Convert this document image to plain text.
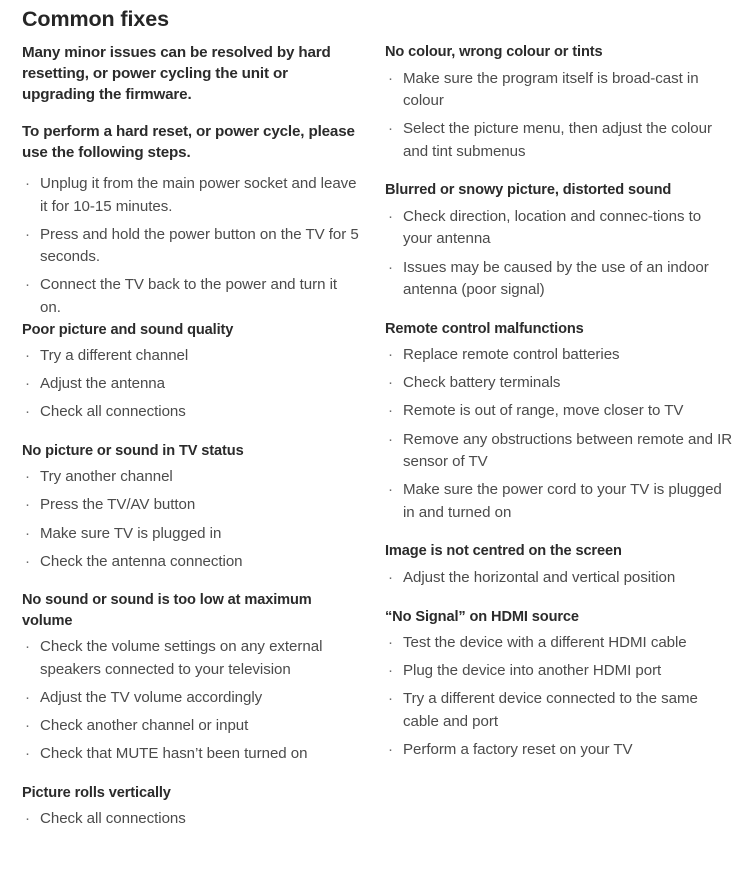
Common fixes

Many minor issues can be resolved by hard resetting, or power cycling the unit or upgrading the firmware.

To perform a hard reset, or power cycle, please use the following steps.

· Unplug it from the main power socket and leave it for 10-15 minutes.
· Press and hold the power button on the TV for 5 seconds.
· Connect the TV back to the power and turn it on.
Poor picture and sound quality
· Try a different channel
· Adjust the antenna
· Check all connections
No picture or sound in TV status
· Try another channel
· Press the TV/AV button
· Make sure TV is plugged in
· Check the antenna connection
No sound or sound is too low at maximum volume
· Check the volume settings on any external speakers connected to your television
· Adjust the TV volume accordingly
· Check another channel or input
· Check that MUTE hasn’t been turned on
Picture rolls vertically
· Check all connections
No colour, wrong colour or tints
· Make sure the program itself is broad-cast in colour
· Select the picture menu, then adjust the colour and tint submenus
Blurred or snowy picture, distorted sound
· Check direction, location and connec-tions to your antenna
· Issues may be caused by the use of an indoor antenna (poor signal)
Remote control malfunctions
· Replace remote control batteries
· Check battery terminals
· Remote is out of range, move closer to TV
· Remove any obstructions between remote and IR sensor of TV
· Make sure the power cord to your TV is plugged in and turned on
Image is not centred on the screen
· Adjust the horizontal and vertical position
“No Signal” on HDMI source
· Test the device with a different HDMI cable
· Plug the device into another HDMI port
· Try a different device connected to the same cable and port
· Perform a factory reset on your TV
